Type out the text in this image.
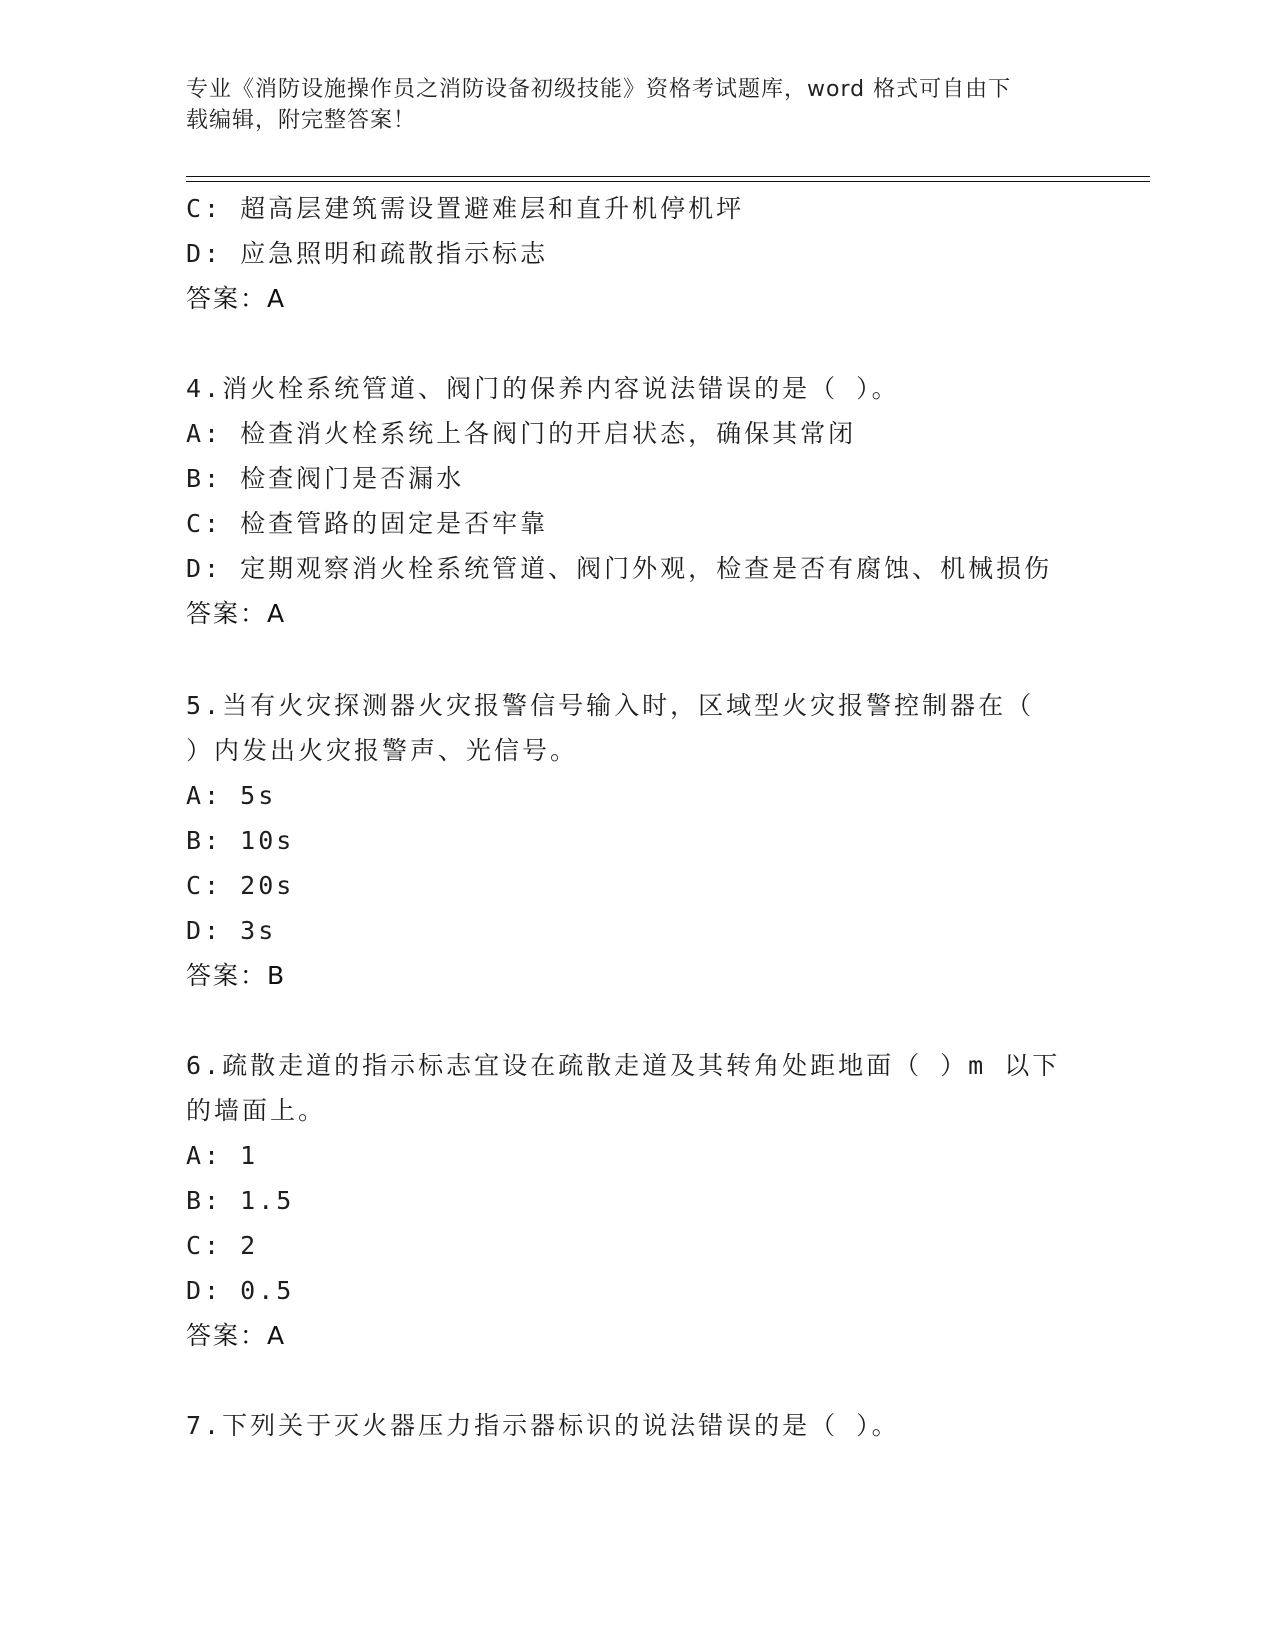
专业《消防设施操作员之消防设备初级技能》资格考试题库，word 格式可自由下
载编辑，附完整答案！
C: 超高层建筑需设置避难层和直升机停机坪
D: 应急照明和疏散指示标志
答案：A
4.消火栓系统管道、阀门的保养内容说法错误的是（ ）。
A: 检查消火栓系统上各阀门的开启状态，确保其常闭
B: 检查阀门是否漏水
C: 检查管路的固定是否牢靠
D: 定期观察消火栓系统管道、阀门外观，检查是否有腐蚀、机械损伤
答案：A
5.当有火灾探测器火灾报警信号输入时，区域型火灾报警控制器在（
）内发出火灾报警声、光信号。
A: 5s
B: 10s
C: 20s
D: 3s
答案：B
6.疏散走道的指示标志宜设在疏散走道及其转角处距地面（ ）m 以下
的墙面上。
A: 1
B: 1.5
C: 2
D: 0.5
答案：A
7.下列关于灭火器压力指示器标识的说法错误的是（ ）。
